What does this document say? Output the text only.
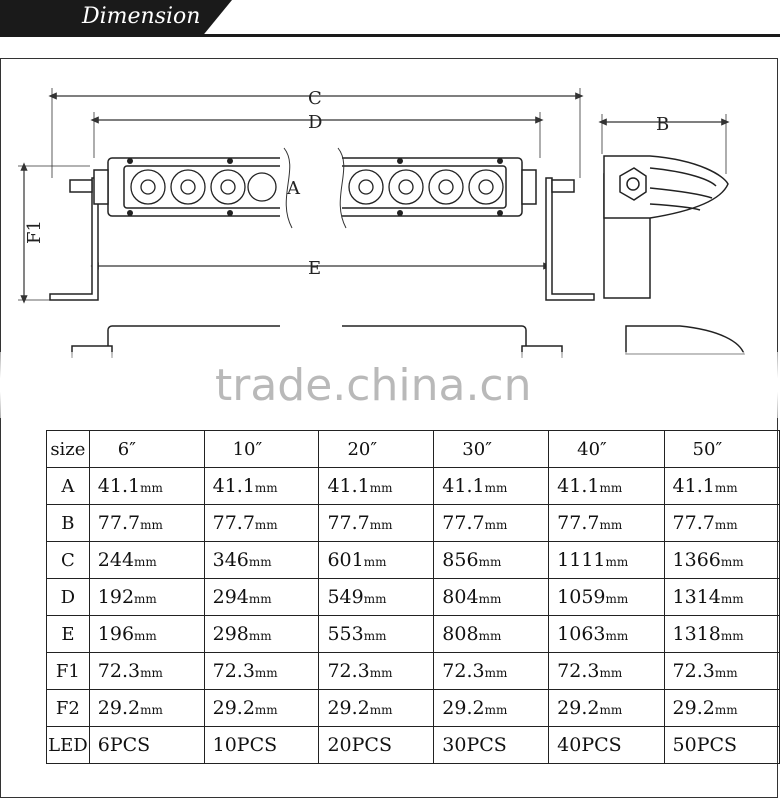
Dimension
C
D
A
E
B
F1
trade.china.cn
size	6″	10″	20″	30″	40″	50″
A	41.1mm	41.1mm	41.1mm	41.1mm	41.1mm	41.1mm
B	77.7mm	77.7mm	77.7mm	77.7mm	77.7mm	77.7mm
C	244mm	346mm	601mm	856mm	1111mm	1366mm
D	192mm	294mm	549mm	804mm	1059mm	1314mm
E	196mm	298mm	553mm	808mm	1063mm	1318mm
F1	72.3mm	72.3mm	72.3mm	72.3mm	72.3mm	72.3mm
F2	29.2mm	29.2mm	29.2mm	29.2mm	29.2mm	29.2mm
LED	6PCS	10PCS	20PCS	30PCS	40PCS	50PCS
